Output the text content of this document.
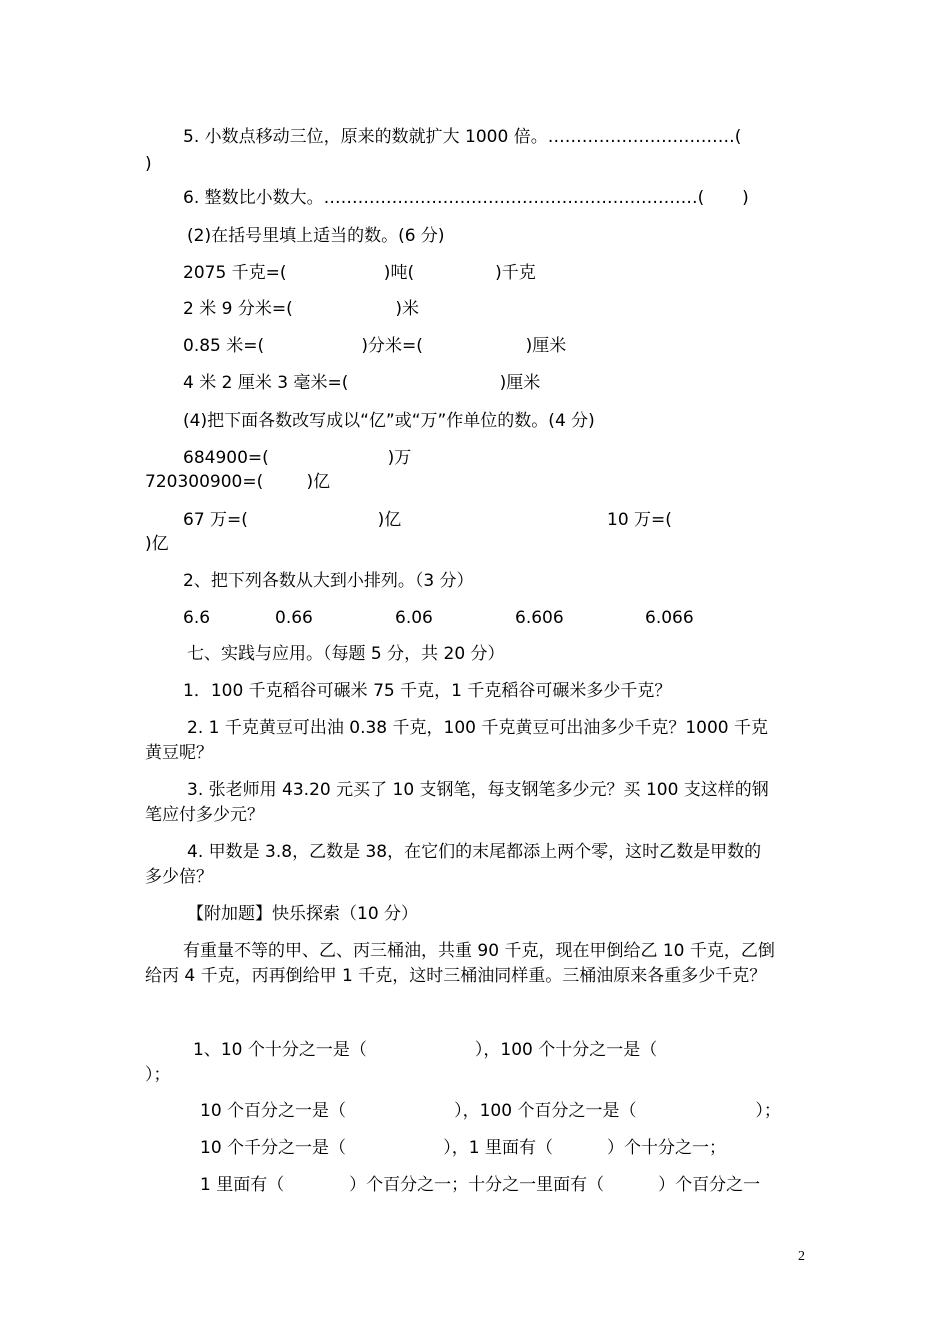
5. 小数点移动三位，原来的数就扩大 1000 倍。……………………………(

)

6. 整数比小数大。…………………………………………………………(       )

(2)在括号里填上适当的数。(6 分)

2075 千克=(                  )吨(               )千克

2 米 9 分米=(                   )米

0.85 米=(                  )分米=(                   )厘米

4 米 2 厘米 3 毫米=(                            )厘米

(4)把下面各数改写成以“亿”或“万”作单位的数。(4 分)

684900=(                      )万

720300900=(        )亿

67 万=(                        )亿	10 万=(

)亿

2、把下列各数从大到小排列。（3 分）

6.6	0.66	6.06	6.606	6.066

七、实践与应用。（每题 5 分，共 20 分）

1．100 千克稻谷可碾米 75 千克，1 千克稻谷可碾米多少千克？

2. 1 千克黄豆可出油 0.38 千克，100 千克黄豆可出油多少千克？1000 千克

黄豆呢？

3. 张老师用 43.20 元买了 10 支钢笔，每支钢笔多少元？买 100 支这样的钢

笔应付多少元？

4. 甲数是 3.8，乙数是 38，在它们的末尾都添上两个零，这时乙数是甲数的

多少倍？

【附加题】快乐探索（10 分）

有重量不等的甲、乙、丙三桶油，共重 90 千克，现在甲倒给乙 10 千克，乙倒

给丙 4 千克，丙再倒给甲 1 千克，这时三桶油同样重。三桶油原来各重多少千克？

1、10 个十分之一是（                    ），100 个十分之一是（

）；

10 个百分之一是（                    ），100 个百分之一是（                      ）；

10 个千分之一是（                  ），1 里面有（          ）个十分之一；

1 里面有（            ）个百分之一；十分之一里面有（          ）个百分之一

2
